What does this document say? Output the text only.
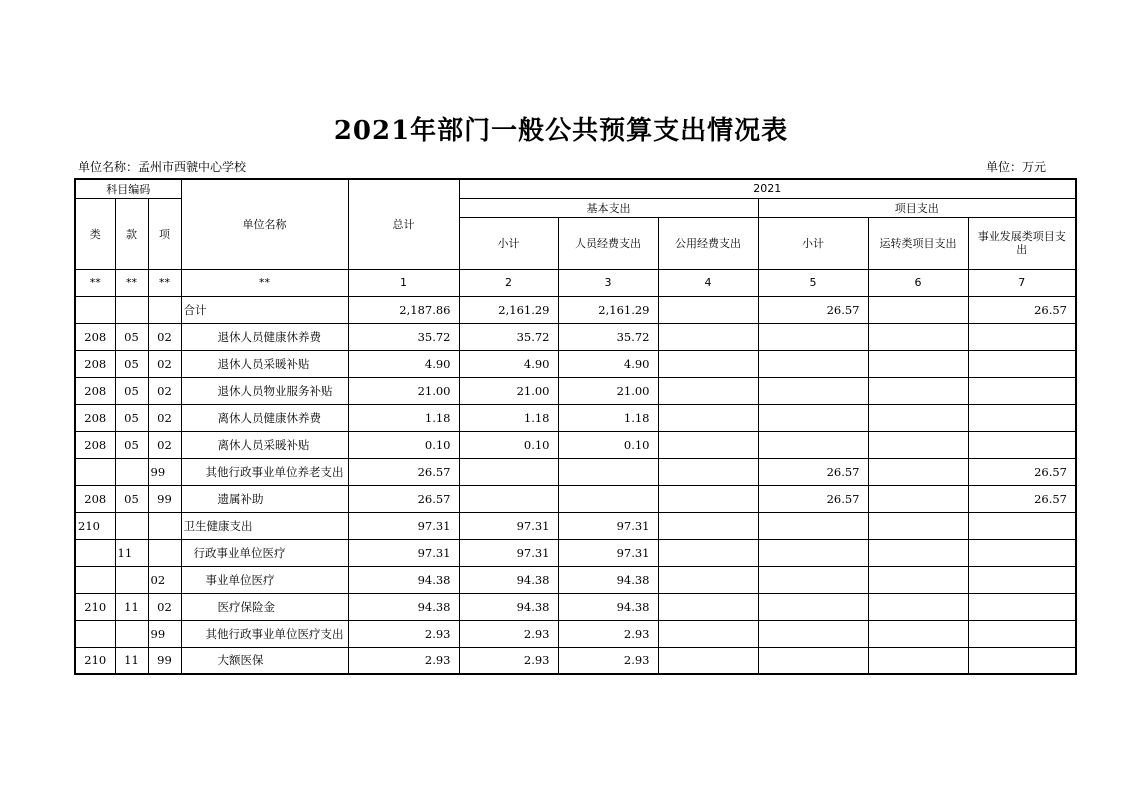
2021年部门一般公共预算支出情况表
单位名称：孟州市西虢中心学校	单位：万元
科目编码			单位名称	总计	2021					
类	款	项			基本支出			项目支出		
					小计	人员经费支出	公用经费支出	小计	运转类项目支出	事业发展类项目支出
**	**	**	**	1	2	3	4	5	6	7
			合计	2,187.86	2,161.29	2,161.29		26.57		26.57
208	05	02	退休人员健康休养费	35.72	35.72	35.72				
208	05	02	退休人员采暖补贴	4.90	4.90	4.90				
208	05	02	退休人员物业服务补贴	21.00	21.00	21.00				
208	05	02	离休人员健康休养费	1.18	1.18	1.18				
208	05	02	离休人员采暖补贴	0.10	0.10	0.10				
		99	其他行政事业单位养老支出	26.57				26.57		26.57
208	05	99	遗属补助	26.57				26.57		26.57
210			卫生健康支出	97.31	97.31	97.31				
	11		行政事业单位医疗	97.31	97.31	97.31				
		02	事业单位医疗	94.38	94.38	94.38				
210	11	02	医疗保险金	94.38	94.38	94.38				
		99	其他行政事业单位医疗支出	2.93	2.93	2.93				
210	11	99	大额医保	2.93	2.93	2.93				
